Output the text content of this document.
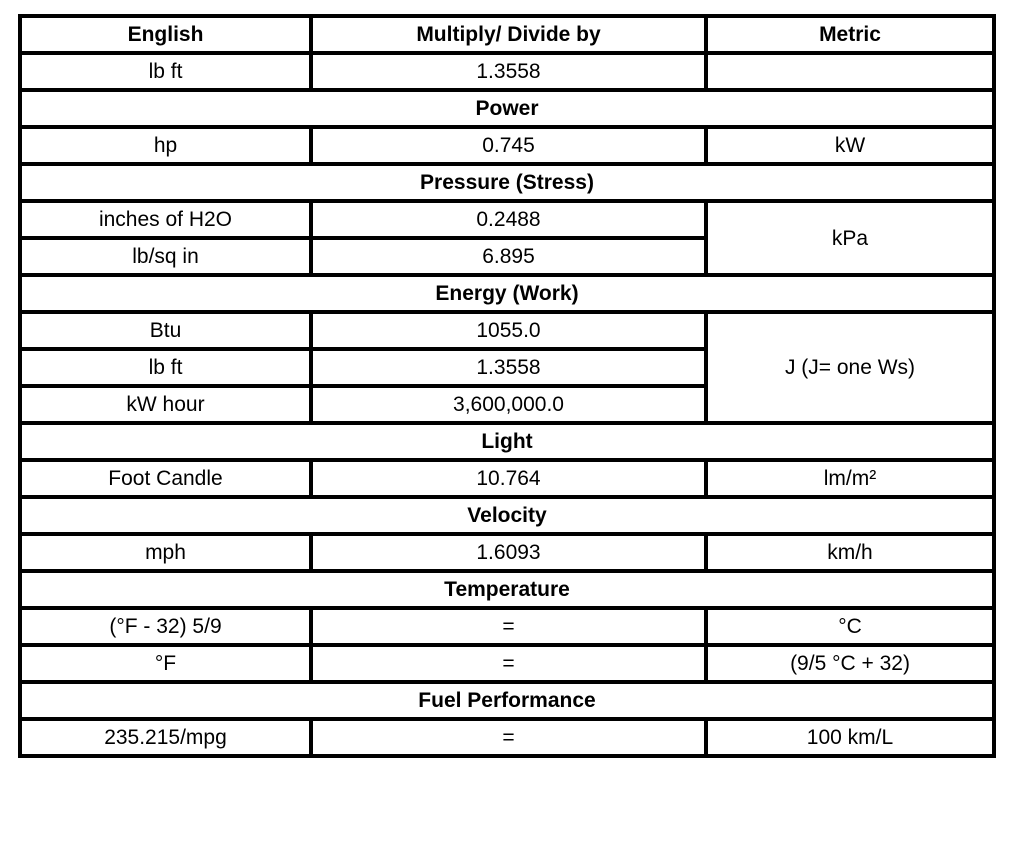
English	Multiply/ Divide by	Metric
lb ft	1.3558	
Power		
hp	0.745	kW
Pressure (Stress)		
inches of H2O	0.2488	kPa
lb/sq in	6.895	
Energy (Work)		
Btu	1055.0	J (J= one Ws)
lb ft	1.3558	
kW hour	3,600,000.0	
Light		
Foot Candle	10.764	lm/m²
Velocity		
mph	1.6093	km/h
Temperature		
(°F - 32) 5/9	=	°C
°F	=	(9/5 °C + 32)
Fuel Performance		
235.215/mpg	=	100 km/L
